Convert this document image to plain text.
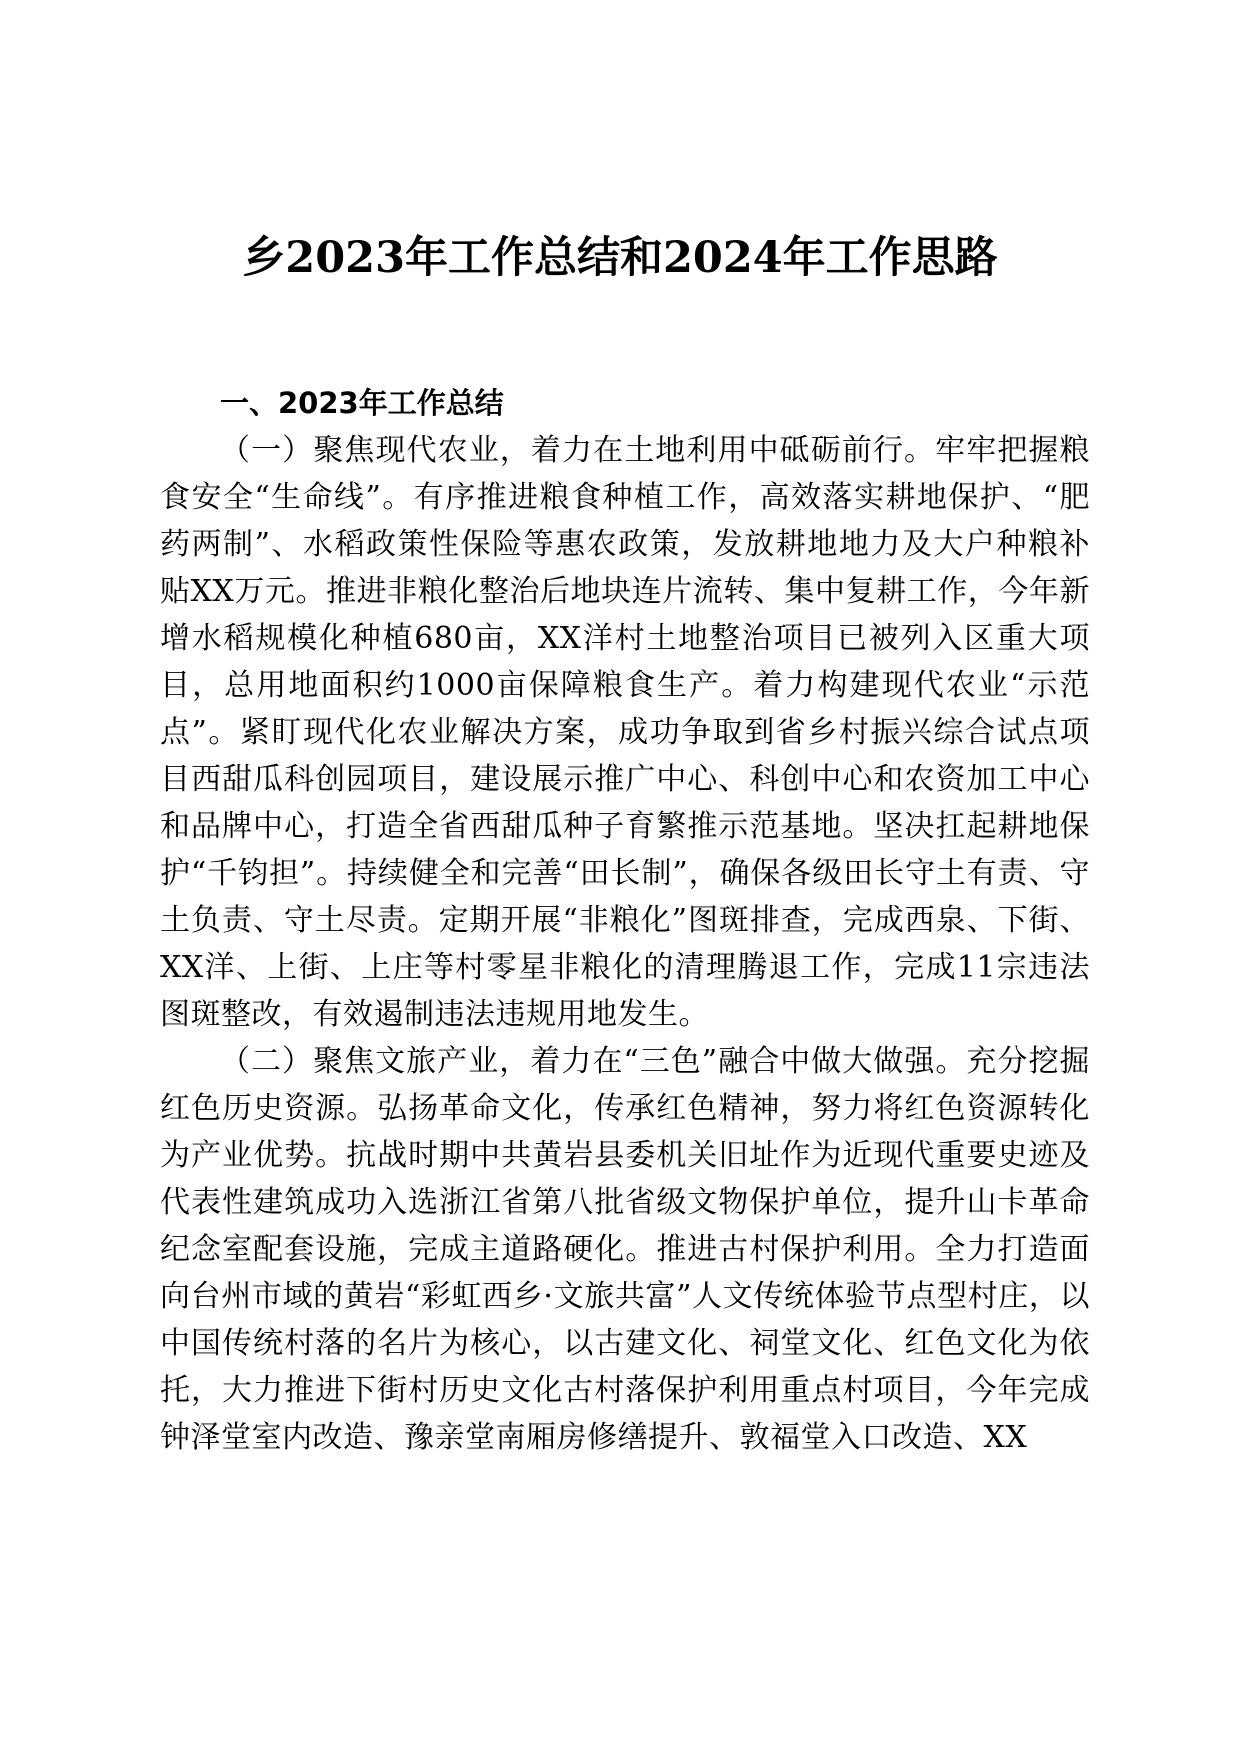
乡2023年工作总结和2024年工作思路

一、2023年工作总结

（一）聚焦现代农业，着力在土地利用中砥砺前行。牢牢把握粮食安全“生命线”。有序推进粮食种植工作，高效落实耕地保护、“肥药两制”、水稻政策性保险等惠农政策，发放耕地地力及大户种粮补贴XX万元。推进非粮化整治后地块连片流转、集中复耕工作，今年新增水稻规模化种植680亩，XX洋村土地整治项目已被列入区重大项目，总用地面积约1000亩保障粮食生产。着力构建现代农业“示范点”。紧盯现代化农业解决方案，成功争取到省乡村振兴综合试点项目西甜瓜科创园项目，建设展示推广中心、科创中心和农资加工中心和品牌中心，打造全省西甜瓜种子育繁推示范基地。坚决扛起耕地保护“千钧担”。持续健全和完善“田长制”，确保各级田长守土有责、守土负责、守土尽责。定期开展“非粮化”图斑排查，完成西泉、下街、XX洋、上街、上庄等村零星非粮化的清理腾退工作，完成11宗违法图斑整改，有效遏制违法违规用地发生。

（二）聚焦文旅产业，着力在“三色”融合中做大做强。充分挖掘红色历史资源。弘扬革命文化，传承红色精神，努力将红色资源转化为产业优势。抗战时期中共黄岩县委机关旧址作为近现代重要史迹及代表性建筑成功入选浙江省第八批省级文物保护单位，提升山卡革命纪念室配套设施，完成主道路硬化。推进古村保护利用。全力打造面向台州市域的黄岩“彩虹西乡·文旅共富”人文传统体验节点型村庄，以中国传统村落的名片为核心，以古建文化、祠堂文化、红色文化为依托，大力推进下街村历史文化古村落保护利用重点村项目，今年完成钟泽堂室内改造、豫亲堂南厢房修缮提升、敦福堂入口改造、XX
